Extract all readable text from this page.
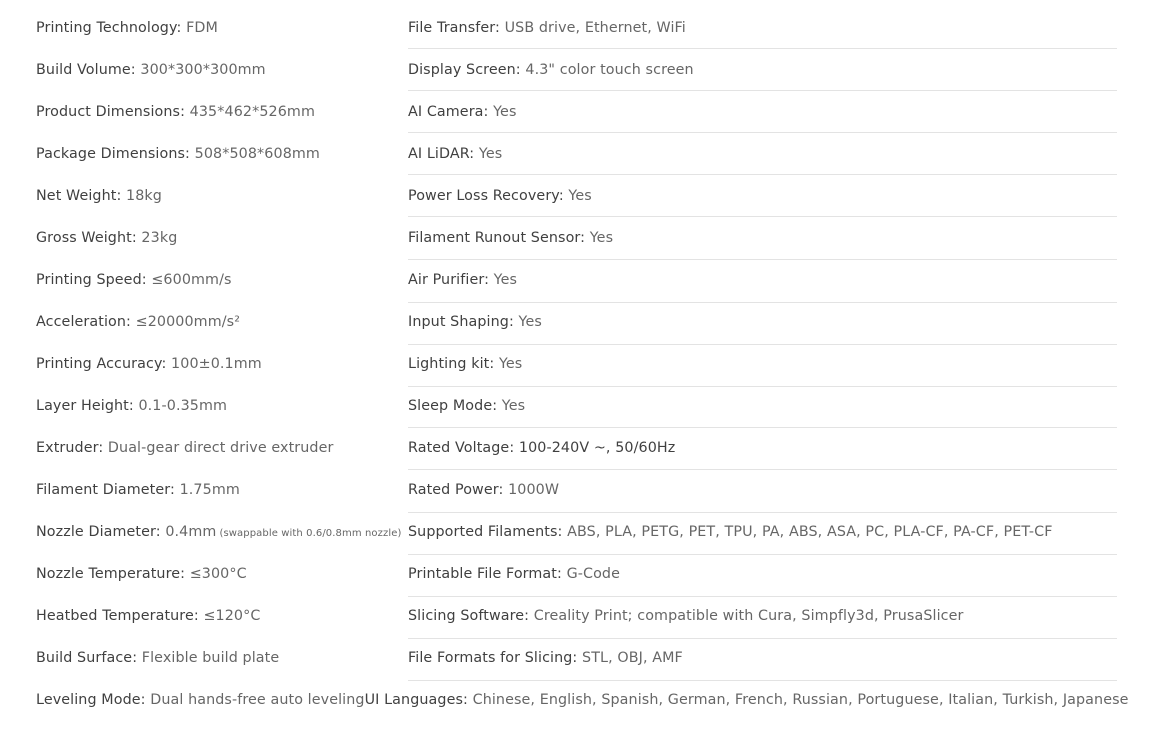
Printing Technology: FDM	File Transfer: USB drive, Ethernet, WiFi
Build Volume: 300*300*300mm	Display Screen: 4.3" color touch screen
Product Dimensions: 435*462*526mm	AI Camera: Yes
Package Dimensions: 508*508*608mm	AI LiDAR: Yes
Net Weight: 18kg	Power Loss Recovery: Yes
Gross Weight: 23kg	Filament Runout Sensor: Yes
Printing Speed: ≤600mm/s	Air Purifier: Yes
Acceleration: ≤20000mm/s²	Input Shaping: Yes
Printing Accuracy: 100±0.1mm	Lighting kit: Yes
Layer Height: 0.1-0.35mm	Sleep Mode: Yes
Extruder: Dual-gear direct drive extruder	Rated Voltage: 100-240V ~, 50/60Hz
Filament Diameter: 1.75mm	Rated Power: 1000W
Nozzle Diameter: 0.4mm (swappable with 0.6/0.8mm nozzle) Supported Filaments: ABS, PLA, PETG, PET, TPU, PA, ABS, ASA, PC, PLA-CF, PA-CF, PET-CF
Nozzle Temperature: ≤300°C	Printable File Format: G-Code
Heatbed Temperature: ≤120°C	Slicing Software: Creality Print; compatible with Cura, Simpfly3d, PrusaSlicer
Build Surface: Flexible build plate	File Formats for Slicing: STL, OBJ, AMF
Leveling Mode: Dual hands-free auto leveling UI Languages: Chinese, English, Spanish, German, French, Russian, Portuguese, Italian, Turkish, Japanese
